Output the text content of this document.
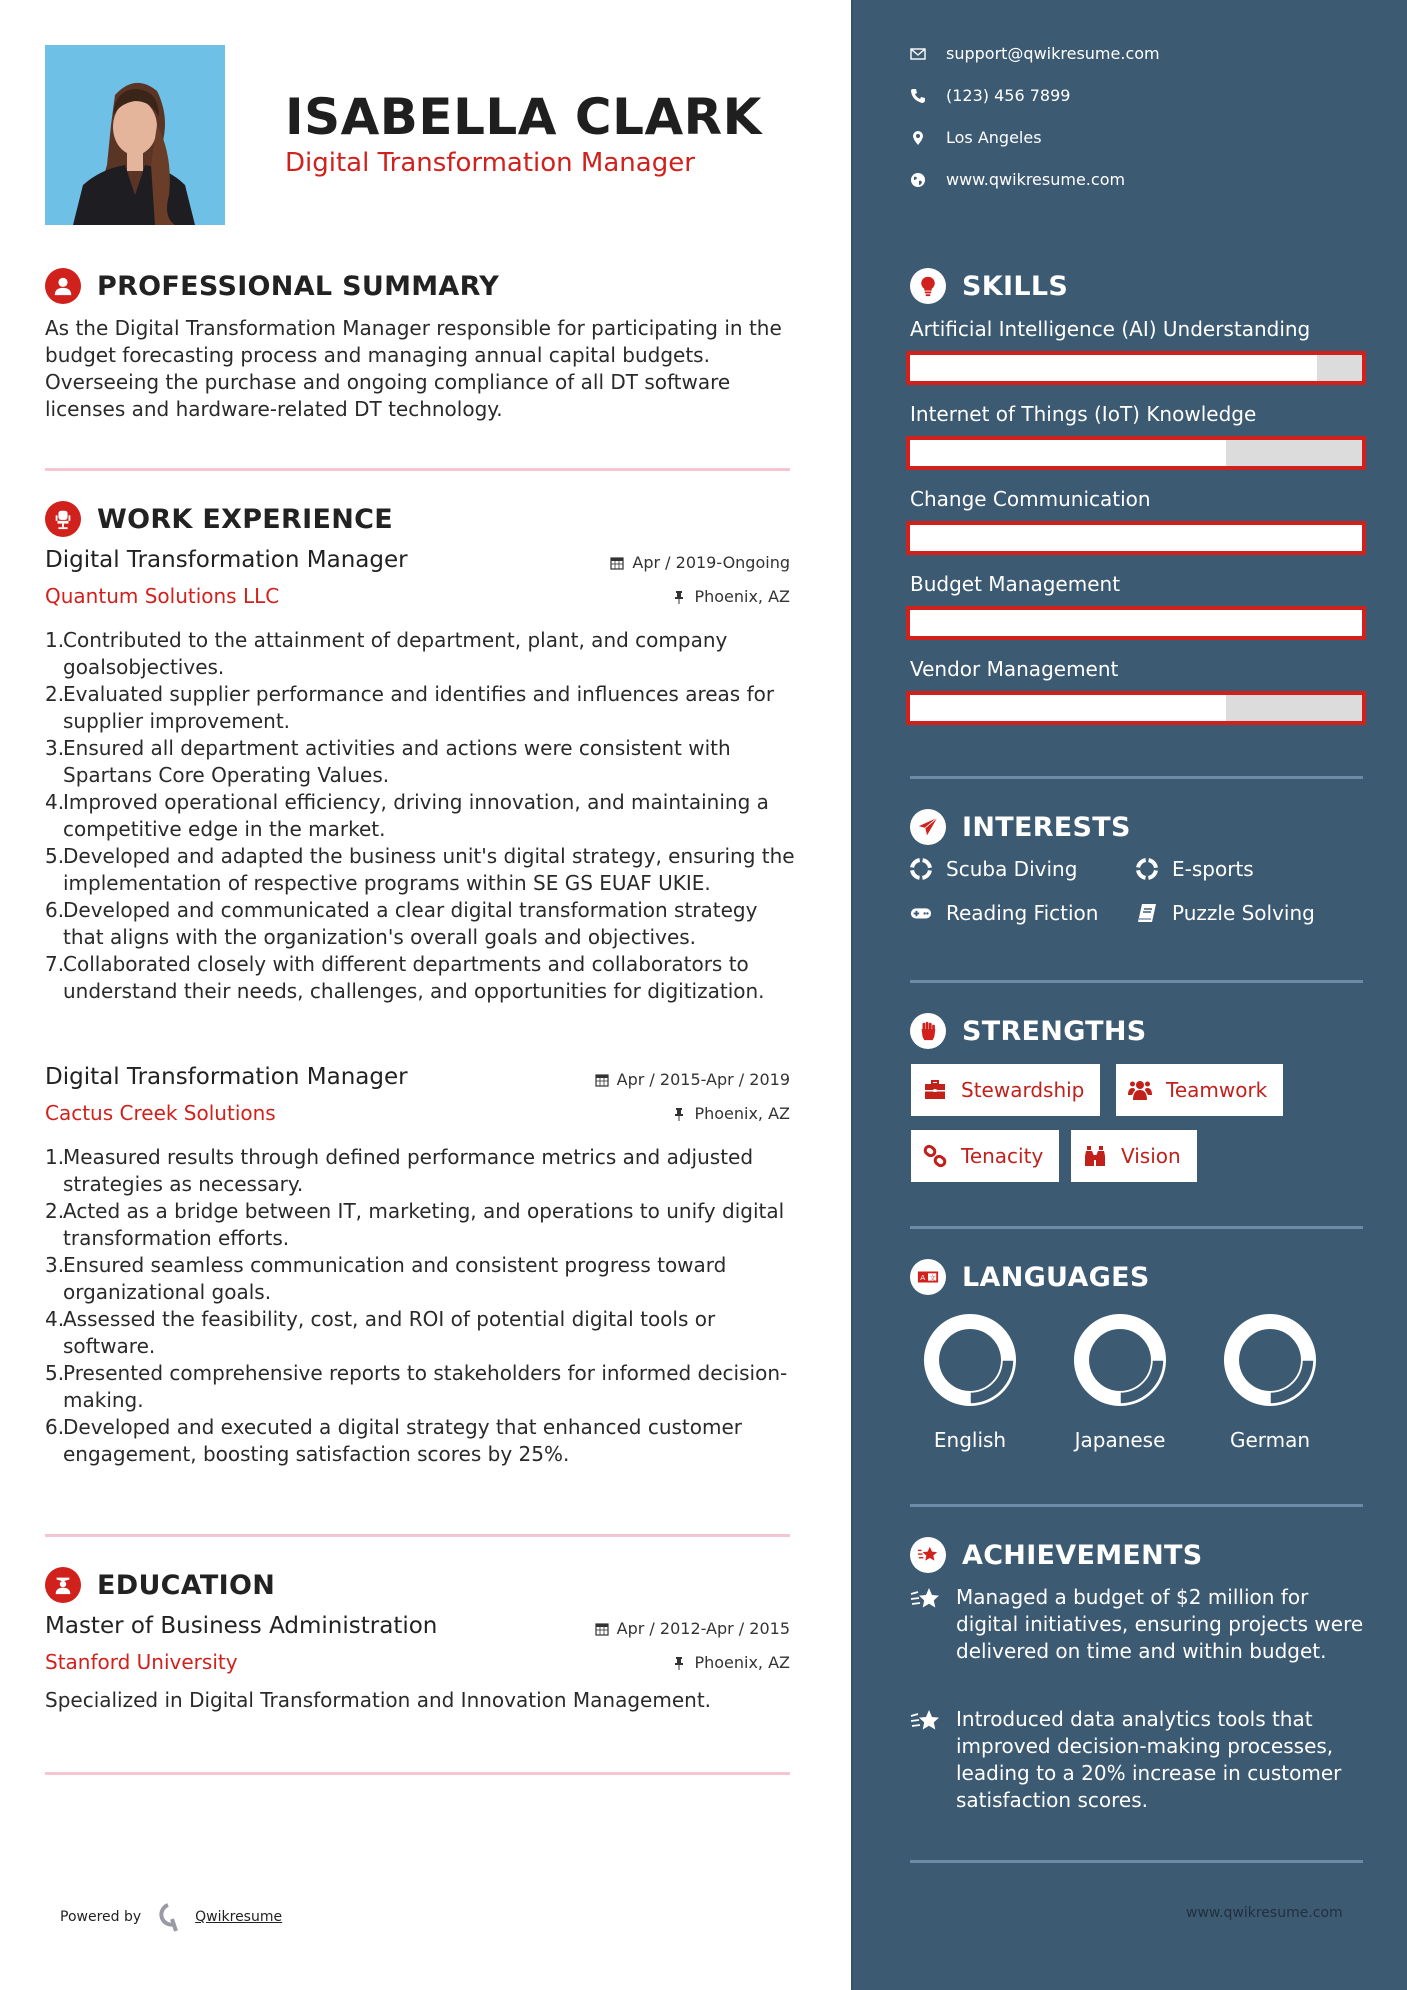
ISABELLA CLARK
Digital Transformation Manager
PROFESSIONAL SUMMARY
As the Digital Transformation Manager responsible for participating in the budget forecasting process and managing annual capital budgets. Overseeing the purchase and ongoing compliance of all DT software licenses and hardware-related DT technology.
WORK EXPERIENCE
Digital Transformation Manager	Apr / 2019-Ongoing
Quantum Solutions LLC	Phoenix, AZ
1.
Contributed to the attainment of department, plant, and company goalsobjectives.
2.
Evaluated supplier performance and identifies and influences areas for supplier improvement.
3.
Ensured all department activities and actions were consistent with Spartans Core Operating Values.
4.
Improved operational efficiency, driving innovation, and maintaining a competitive edge in the market.
5.
Developed and adapted the business unit's digital strategy, ensuring the implementation of respective programs within SE GS EUAF UKIE.
6.
Developed and communicated a clear digital transformation strategy that aligns with the organization's overall goals and objectives.
7.
Collaborated closely with different departments and collaborators to understand their needs, challenges, and opportunities for digitization.
Digital Transformation Manager	Apr / 2015-Apr / 2019
Cactus Creek Solutions	Phoenix, AZ
1.
Measured results through defined performance metrics and adjusted strategies as necessary.
2.
Acted as a bridge between IT, marketing, and operations to unify digital transformation efforts.
3.
Ensured seamless communication and consistent progress toward organizational goals.
4.
Assessed the feasibility, cost, and ROI of potential digital tools or software.
5.
Presented comprehensive reports to stakeholders for informed decision-making.
6.
Developed and executed a digital strategy that enhanced customer engagement, boosting satisfaction scores by 25%.
EDUCATION
Master of Business Administration	Apr / 2012-Apr / 2015
Stanford University	Phoenix, AZ
Specialized in Digital Transformation and Innovation Management.
Powered by	Qwikresume
support@qwikresume.com
(123) 456 7899
Los Angeles
www.qwikresume.com
SKILLS
Artificial Intelligence (AI) Understanding
Internet of Things (IoT) Knowledge
Change Communication
Budget Management
Vendor Management
INTERESTS
Scuba Diving	E-sports
Reading Fiction	Puzzle Solving
STRENGTHS
Stewardship	Teamwork
Tenacity	Vision
A 文 LANGUAGES
English	Japanese	German
ACHIEVEMENTS
Managed a budget of $2 million for digital initiatives, ensuring projects were delivered on time and within budget.
Introduced data analytics tools that improved decision-making processes, leading to a 20% increase in customer satisfaction scores.
www.qwikresume.com
